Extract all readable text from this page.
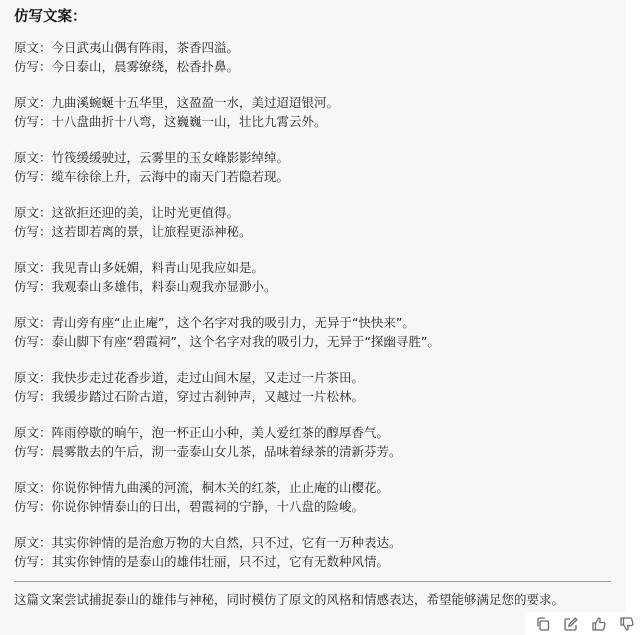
仿写文案：
原文：今日武夷山偶有阵雨，茶香四溢。
仿写：今日泰山，晨雾缭绕，松香扑鼻。
原文：九曲溪蜿蜒十五华里，这盈盈一水，美过迢迢银河。
仿写：十八盘曲折十八弯，这巍巍一山，壮比九霄云外。
原文：竹筏缓缓驶过，云雾里的玉女峰影影绰绰。
仿写：缆车徐徐上升，云海中的南天门若隐若现。
原文：这欲拒还迎的美，让时光更值得。
仿写：这若即若离的景，让旅程更添神秘。
原文：我见青山多妩媚，料青山见我应如是。
仿写：我观泰山多雄伟，料泰山观我亦显渺小。
原文：青山旁有座“止止庵”，这个名字对我的吸引力，无异于“快快来”。
仿写：泰山脚下有座“碧霞祠”，这个名字对我的吸引力，无异于“探幽寻胜”。
原文：我快步走过花香步道，走过山间木屋，又走过一片茶田。
仿写：我缓步踏过石阶古道，穿过古刹钟声，又越过一片松林。
原文：阵雨停歇的晌午，泡一杯正山小种，美人爱红茶的醇厚香气。
仿写：晨雾散去的午后，沏一壶泰山女儿茶，品味着绿茶的清新芬芳。
原文：你说你钟情九曲溪的河流，桐木关的红茶，止止庵的山樱花。
仿写：你说你钟情泰山的日出，碧霞祠的宁静，十八盘的险峻。
原文：其实你钟情的是治愈万物的大自然，只不过，它有一万种表达。
仿写：其实你钟情的是泰山的雄伟壮丽，只不过，它有无数种风情。
这篇文案尝试捕捉泰山的雄伟与神秘，同时模仿了原文的风格和情感表达，希望能够满足您的要求。
